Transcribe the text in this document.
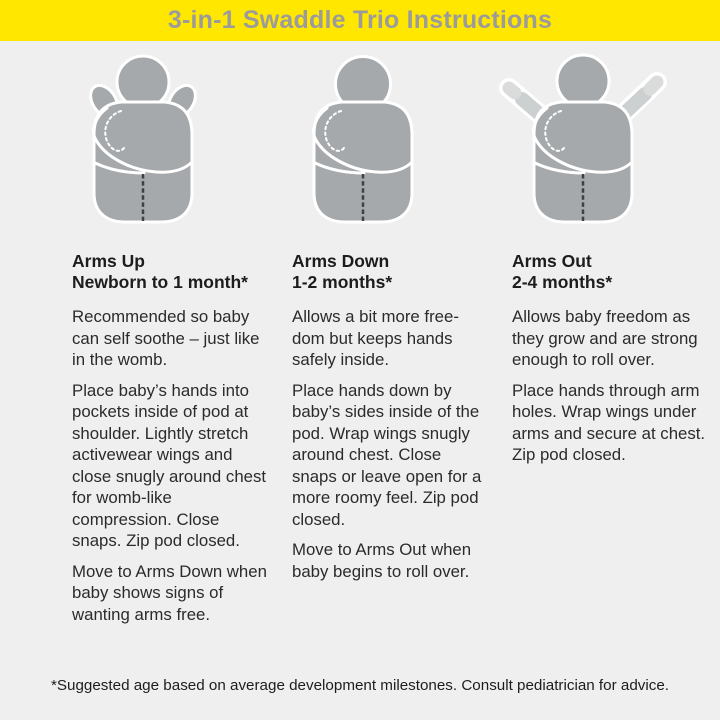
3-in-1 Swaddle Trio Instructions
Arms Up
Newborn to 1 month*

Recommended so baby can self soothe – just like in the womb.

Place baby’s hands into pockets inside of pod at shoulder. Lightly stretch activewear wings and close snugly around chest for womb-like compression. Close snaps. Zip pod closed.

Move to Arms Down when baby shows signs of wanting arms free.

Arms Down
1-2 months*

Allows a bit more free-dom but keeps hands safely inside.

Place hands down by baby’s sides inside of the pod. Wrap wings snugly around chest. Close snaps or leave open for a more roomy feel. Zip pod closed.

Move to Arms Out when baby begins to roll over.

Arms Out
2-4 months*

Allows baby freedom as they grow and are strong enough to roll over.

Place hands through arm holes. Wrap wings under arms and secure at chest. Zip pod closed.

*Suggested age based on average development milestones. Consult pediatrician for advice.
